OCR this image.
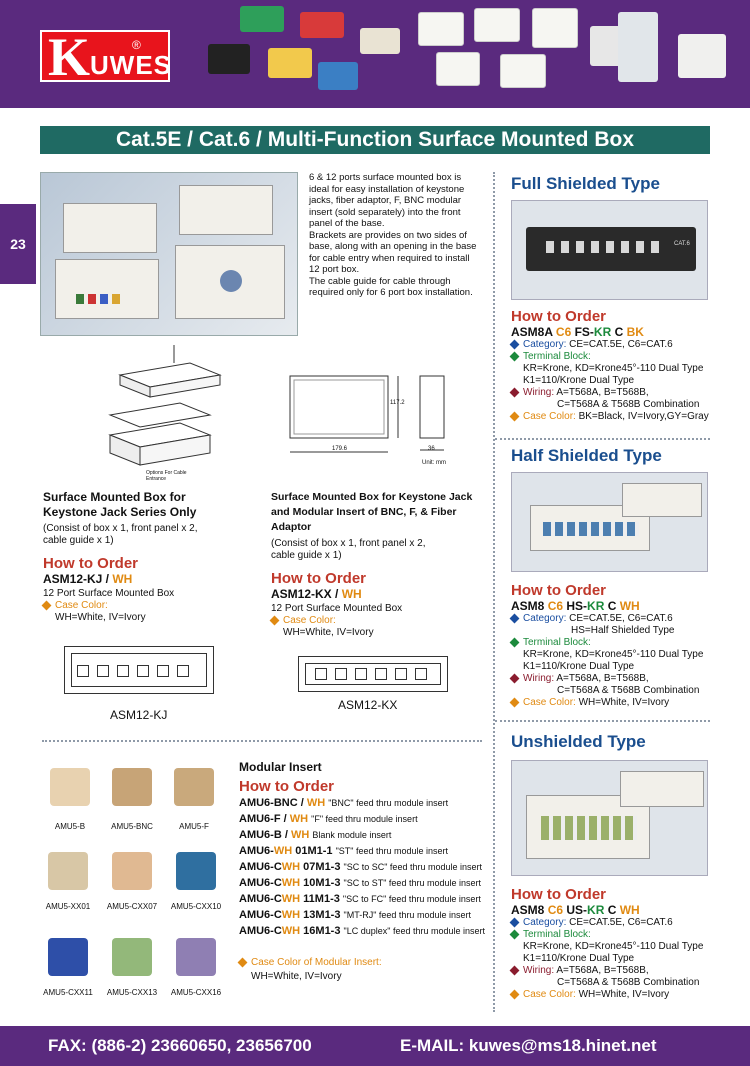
K UWES
®
Cat.5E / Cat.6 / Multi-Function Surface Mounted Box
23
6 & 12 ports surface mounted box is ideal for easy installation of keystone jacks, fiber adaptor, F, BNC modular insert (sold separately) into the front panel of the base.
Brackets are provides on two sides of base, along with an opening in the base for cable entry when required to install 12 port box.
The cable guide for cable through required only for 6 port box installation.
Options For Cable Entrance
179.6
117.2
36
Unit: mm
Surface Mounted Box for Keystone Jack Series Only
(Consist of box x 1, front panel x 2, cable guide x 1)
How to Order
ASM12-KJ / WH
12 Port Surface Mounted Box
Case Color:
WH=White, IV=Ivory
ASM12-KJ
Surface Mounted Box for Keystone Jack and Modular Insert of BNC, F, & Fiber Adaptor
(Consist of box x 1, front panel x 2, cable guide x 1)
How to Order
ASM12-KX / WH
12 Port Surface Mounted Box
Case Color:
WH=White, IV=Ivory
ASM12-KX
AMU5-B	AMU5-BNC	AMU5-F
AMU5-XX01	AMU5-CXX07	AMU5-CXX10
AMU5-CXX11	AMU5-CXX13	AMU5-CXX16
Modular Insert
How to Order
AMU6-BNC / WH "BNC" feed thru module insert
AMU6-F / WH "F" feed thru module insert
AMU6-B / WH Blank module insert
AMU6-WH 01M1-1 "ST" feed thru module insert
AMU6-CWH 07M1-3 "SC to SC" feed thru module insert
AMU6-CWH 10M1-3 "SC to ST" feed thru module insert
AMU6-CWH 11M1-3 "SC to FC" feed thru module insert
AMU6-CWH 13M1-3 "MT-RJ" feed thru module insert
AMU6-CWH 16M1-3 "LC duplex" feed thru module insert
Case Color of Modular Insert:
WH=White, IV=Ivory
Full Shielded Type
CAT.6
How to Order
ASM8A C6 FS-KR C BK
Category: CE=CAT.5E, C6=CAT.6
Terminal Block:
KR=Krone, KD=Krone45°-110 Dual Type
K1=110/Krone Dual Type
Wiring: A=T568A, B=T568B,
C=T568A & T568B Combination
Case Color: BK=Black, IV=Ivory,GY=Gray
Half Shielded Type
How to Order
ASM8 C6 HS-KR C WH
Category: CE=CAT.5E, C6=CAT.6
HS=Half Shielded Type
Terminal Block:
KR=Krone, KD=Krone45°-110 Dual Type
K1=110/Krone Dual Type
Wiring: A=T568A, B=T568B,
C=T568A & T568B Combination
Case Color: WH=White, IV=Ivory
Unshielded Type
How to Order
ASM8 C6 US-KR C WH
Category: CE=CAT.5E, C6=CAT.6
Terminal Block:
KR=Krone, KD=Krone45°-110 Dual Type
K1=110/Krone Dual Type
Wiring: A=T568A, B=T568B,
C=T568A & T568B Combination
Case Color: WH=White, IV=Ivory
FAX: (886-2) 23660650, 23656700	E-MAIL: kuwes@ms18.hinet.net
